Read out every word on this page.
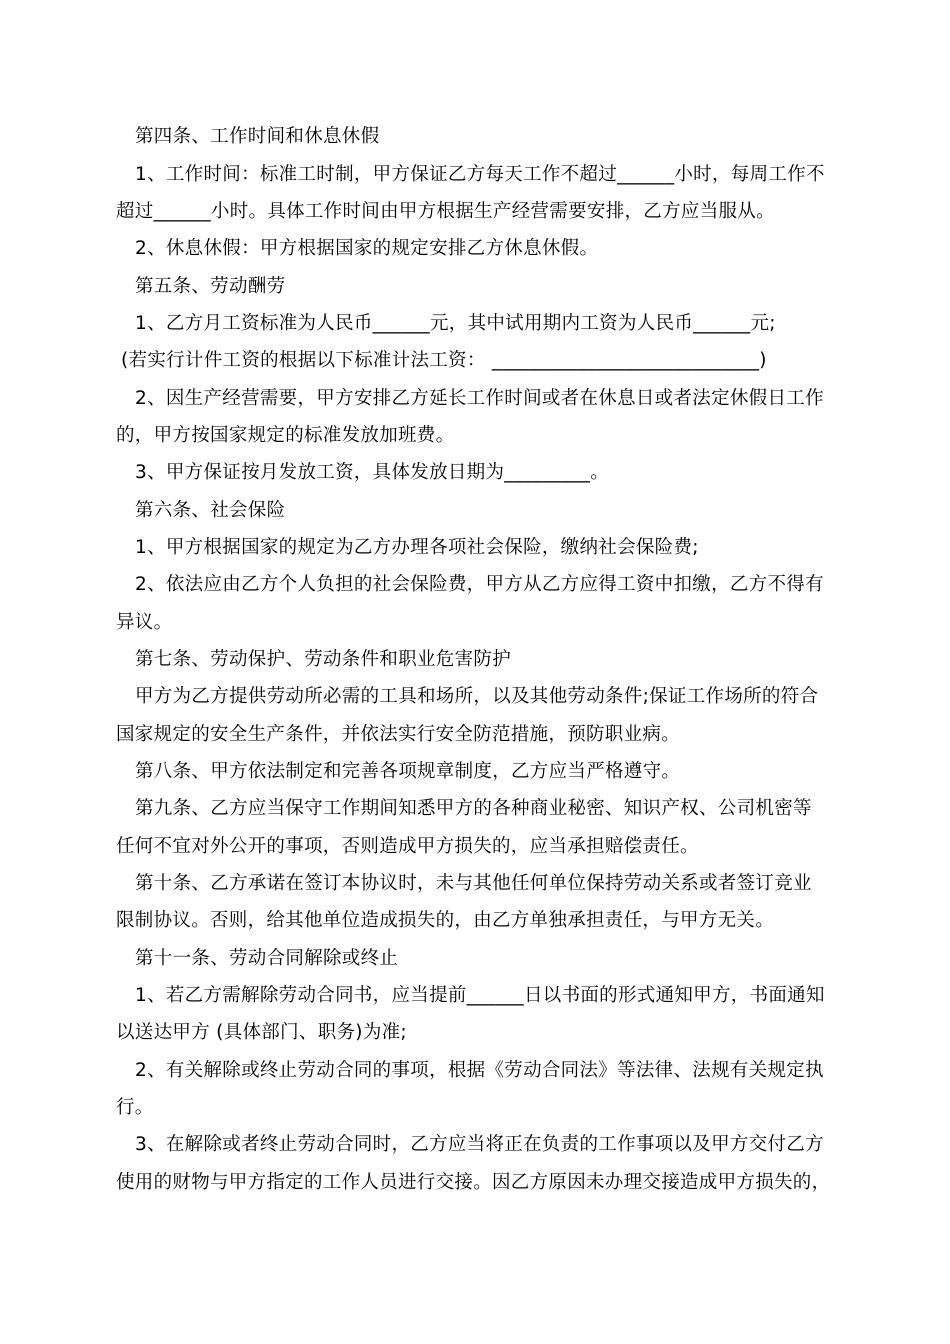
第四条、工作时间和休息休假
1、工作时间：标准工时制，甲方保证乙方每天工作不超过______小时，每周工作不
超过______小时。具体工作时间由甲方根据生产经营需要安排，乙方应当服从。
2、休息休假：甲方根据国家的规定安排乙方休息休假。
第五条、劳动酬劳
1、乙方月工资标准为人民币______元，其中试用期内工资为人民币______元;
(若实行计件工资的根据以下标准计法工资： ____________________________)
2、因生产经营需要，甲方安排乙方延长工作时间或者在休息日或者法定休假日工作
的，甲方按国家规定的标准发放加班费。
3、甲方保证按月发放工资，具体发放日期为_________。
第六条、社会保险
1、甲方根据国家的规定为乙方办理各项社会保险，缴纳社会保险费;
2、依法应由乙方个人负担的社会保险费，甲方从乙方应得工资中扣缴，乙方不得有
异议。
第七条、劳动保护、劳动条件和职业危害防护
甲方为乙方提供劳动所必需的工具和场所，以及其他劳动条件;保证工作场所的符合
国家规定的安全生产条件，并依法实行安全防范措施，预防职业病。
第八条、甲方依法制定和完善各项规章制度，乙方应当严格遵守。
第九条、乙方应当保守工作期间知悉甲方的各种商业秘密、知识产权、公司机密等
任何不宜对外公开的事项，否则造成甲方损失的，应当承担赔偿责任。
第十条、乙方承诺在签订本协议时，未与其他任何单位保持劳动关系或者签订竞业
限制协议。否则，给其他单位造成损失的，由乙方单独承担责任，与甲方无关。
第十一条、劳动合同解除或终止
1、若乙方需解除劳动合同书，应当提前______日以书面的形式通知甲方，书面通知
以送达甲方 (具体部门、职务)为准;
2、有关解除或终止劳动合同的事项，根据《劳动合同法》等法律、法规有关规定执
行。
3、在解除或者终止劳动合同时，乙方应当将正在负责的工作事项以及甲方交付乙方
使用的财物与甲方指定的工作人员进行交接。因乙方原因未办理交接造成甲方损失的，
